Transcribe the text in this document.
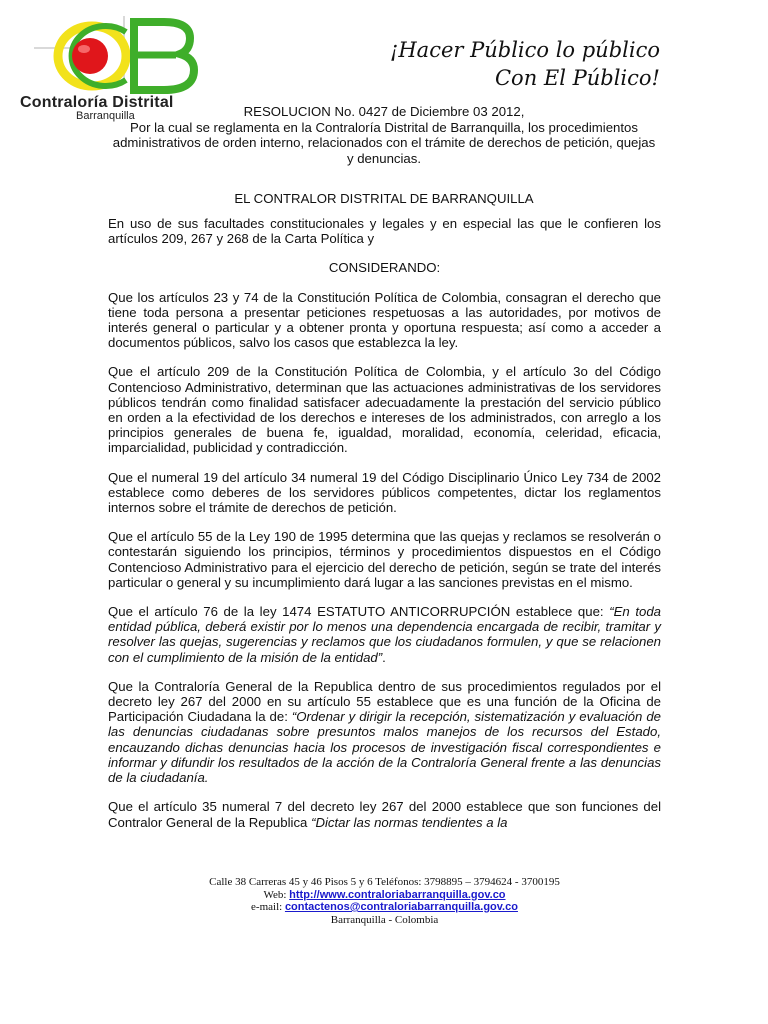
Contraloría Distrital
Barranquilla
¡Hacer Público lo público
Con El Público!
RESOLUCION No. 0427 de Diciembre 03 2012,
Por la cual se reglamenta en la Contraloría Distrital de Barranquilla, los procedimientos administrativos de orden interno, relacionados con el trámite de derechos de petición, quejas y denuncias.
EL CONTRALOR DISTRITAL DE BARRANQUILLA

En uso de sus facultades constitucionales y legales y en especial las que le confieren los artículos 209, 267 y 268 de la Carta Política y

CONSIDERANDO:

Que los artículos 23 y 74 de la Constitución Política de Colombia, consagran el derecho que tiene toda persona a presentar peticiones respetuosas a las autoridades, por motivos de interés general o particular y a obtener pronta y oportuna respuesta; así como a acceder a documentos públicos, salvo los casos que establezca la ley.

Que el artículo 209 de la Constitución Política de Colombia, y el artículo 3o del Código Contencioso Administrativo, determinan que las actuaciones administrativas de los servidores públicos tendrán como finalidad satisfacer adecuadamente la prestación del servicio público en orden a la efectividad de los derechos e intereses de los administrados, con arreglo a los principios generales de buena fe, igualdad, moralidad, economía, celeridad, eficacia, imparcialidad, publicidad y contradicción.

Que el numeral 19 del artículo 34 numeral 19 del Código Disciplinario Único Ley 734 de 2002 establece como deberes de los servidores públicos competentes, dictar los reglamentos internos sobre el trámite de derechos de petición.

Que el artículo 55 de la Ley 190 de 1995 determina que las quejas y reclamos se resolverán o contestarán siguiendo los principios, términos y procedimientos dispuestos en el Código Contencioso Administrativo para el ejercicio del derecho de petición, según se trate del interés particular o general y su incumplimiento dará lugar a las sanciones previstas en el mismo.

Que el artículo 76 de la ley 1474 ESTATUTO ANTICORRUPCIÓN establece que: “En toda entidad pública, deberá existir por lo menos una dependencia encargada de recibir, tramitar y resolver las quejas, sugerencias y reclamos que los ciudadanos formulen, y que se relacionen con el cumplimiento de la misión de la entidad”.

Que la Contraloría General de la Republica dentro de sus procedimientos regulados por el decreto ley 267 del 2000 en su artículo 55 establece que es una función de la Oficina de Participación Ciudadana la de: “Ordenar y dirigir la recepción, sistematización y evaluación de las denuncias ciudadanas sobre presuntos malos manejos de los recursos del Estado, encauzando dichas denuncias hacia los procesos de investigación fiscal correspondientes e informar y difundir los resultados de la acción de la Contraloría General frente a las denuncias de la ciudadanía.

Que el artículo 35 numeral 7 del decreto ley 267 del 2000 establece que son funciones del Contralor General de la Republica “Dictar las normas tendientes a la

Calle 38 Carreras 45 y 46 Pisos 5 y 6 Teléfonos: 3798895 – 3794624 - 3700195
Web: http://www.contraloriabarranquilla.gov.co
e-mail: contactenos@contraloriabarranquilla.gov.co
Barranquilla - Colombia
